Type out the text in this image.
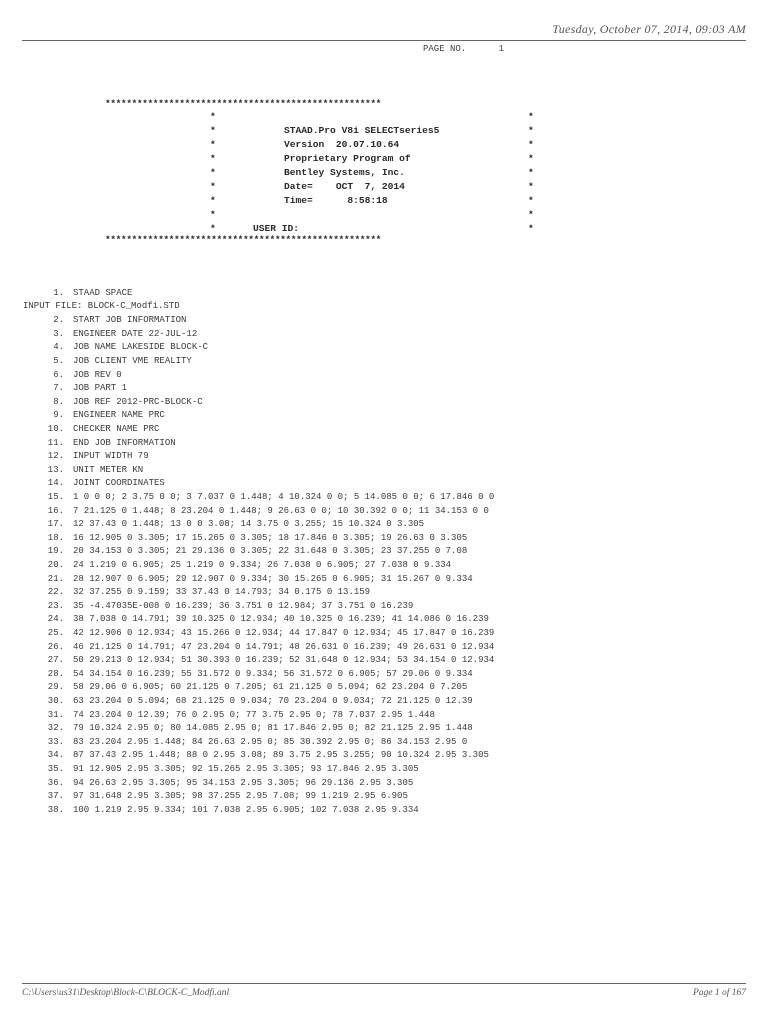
Tuesday, October 07, 2014, 09:03 AM
PAGE NO.	1
****************************************************
*	*
*	STAAD.Pro V8i SELECTseries5	*
*	Version  20.07.10.64	*
*	Proprietary Program of	*
*	Bentley Systems, Inc.	*
*	Date=    OCT  7, 2014	*
*	Time=      8:58:18	*
*	*
*	USER ID:	*
****************************************************
1. STAAD SPACE
INPUT FILE: BLOCK-C_Modfi.STD
2. START JOB INFORMATION
3. ENGINEER DATE 22-JUL-12
4. JOB NAME LAKESIDE BLOCK-C
5. JOB CLIENT VME REALITY
6. JOB REV 0
7. JOB PART 1
8. JOB REF 2012-PRC-BLOCK-C
9. ENGINEER NAME PRC
10. CHECKER NAME PRC
11. END JOB INFORMATION
12. INPUT WIDTH 79
13. UNIT METER KN
14. JOINT COORDINATES
15. 1 0 0 0; 2 3.75 0 0; 3 7.037 0 1.448; 4 10.324 0 0; 5 14.085 0 0; 6 17.846 0 0
16. 7 21.125 0 1.448; 8 23.204 0 1.448; 9 26.63 0 0; 10 30.392 0 0; 11 34.153 0 0
17. 12 37.43 0 1.448; 13 0 0 3.08; 14 3.75 0 3.255; 15 10.324 0 3.305
18. 16 12.905 0 3.305; 17 15.265 0 3.305; 18 17.846 0 3.305; 19 26.63 0 3.305
19. 20 34.153 0 3.305; 21 29.136 0 3.305; 22 31.648 0 3.305; 23 37.255 0 7.08
20. 24 1.219 0 6.905; 25 1.219 0 9.334; 26 7.038 0 6.905; 27 7.038 0 9.334
21. 28 12.907 0 6.905; 29 12.907 0 9.334; 30 15.265 0 6.905; 31 15.267 0 9.334
22. 32 37.255 0 9.159; 33 37.43 0 14.793; 34 0.175 0 13.159
23. 35 -4.47035E-008 0 16.239; 36 3.751 0 12.984; 37 3.751 0 16.239
24. 38 7.038 0 14.791; 39 10.325 0 12.934; 40 10.325 0 16.239; 41 14.086 0 16.239
25. 42 12.906 0 12.934; 43 15.266 0 12.934; 44 17.847 0 12.934; 45 17.847 0 16.239
26. 46 21.125 0 14.791; 47 23.204 0 14.791; 48 26.631 0 16.239; 49 26.631 0 12.934
27. 50 29.213 0 12.934; 51 30.393 0 16.239; 52 31.648 0 12.934; 53 34.154 0 12.934
28. 54 34.154 0 16.239; 55 31.572 0 9.334; 56 31.572 0 6.905; 57 29.06 0 9.334
29. 58 29.06 0 6.905; 60 21.125 0 7.205; 61 21.125 0 5.094; 62 23.204 0 7.205
30. 63 23.204 0 5.094; 68 21.125 0 9.034; 70 23.204 0 9.034; 72 21.125 0 12.39
31. 74 23.204 0 12.39; 76 0 2.95 0; 77 3.75 2.95 0; 78 7.037 2.95 1.448
32. 79 10.324 2.95 0; 80 14.085 2.95 0; 81 17.846 2.95 0; 82 21.125 2.95 1.448
33. 83 23.204 2.95 1.448; 84 26.63 2.95 0; 85 30.392 2.95 0; 86 34.153 2.95 0
34. 87 37.43 2.95 1.448; 88 0 2.95 3.08; 89 3.75 2.95 3.255; 90 10.324 2.95 3.305
35. 91 12.905 2.95 3.305; 92 15.265 2.95 3.305; 93 17.846 2.95 3.305
36. 94 26.63 2.95 3.305; 95 34.153 2.95 3.305; 96 29.136 2.95 3.305
37. 97 31.648 2.95 3.305; 98 37.255 2.95 7.08; 99 1.219 2.95 6.905
38. 100 1.219 2.95 9.334; 101 7.038 2.95 6.905; 102 7.038 2.95 9.334
C:\Users\us31\Desktop\Block-C\BLOCK-C_Modfi.anl	Page 1 of 167
